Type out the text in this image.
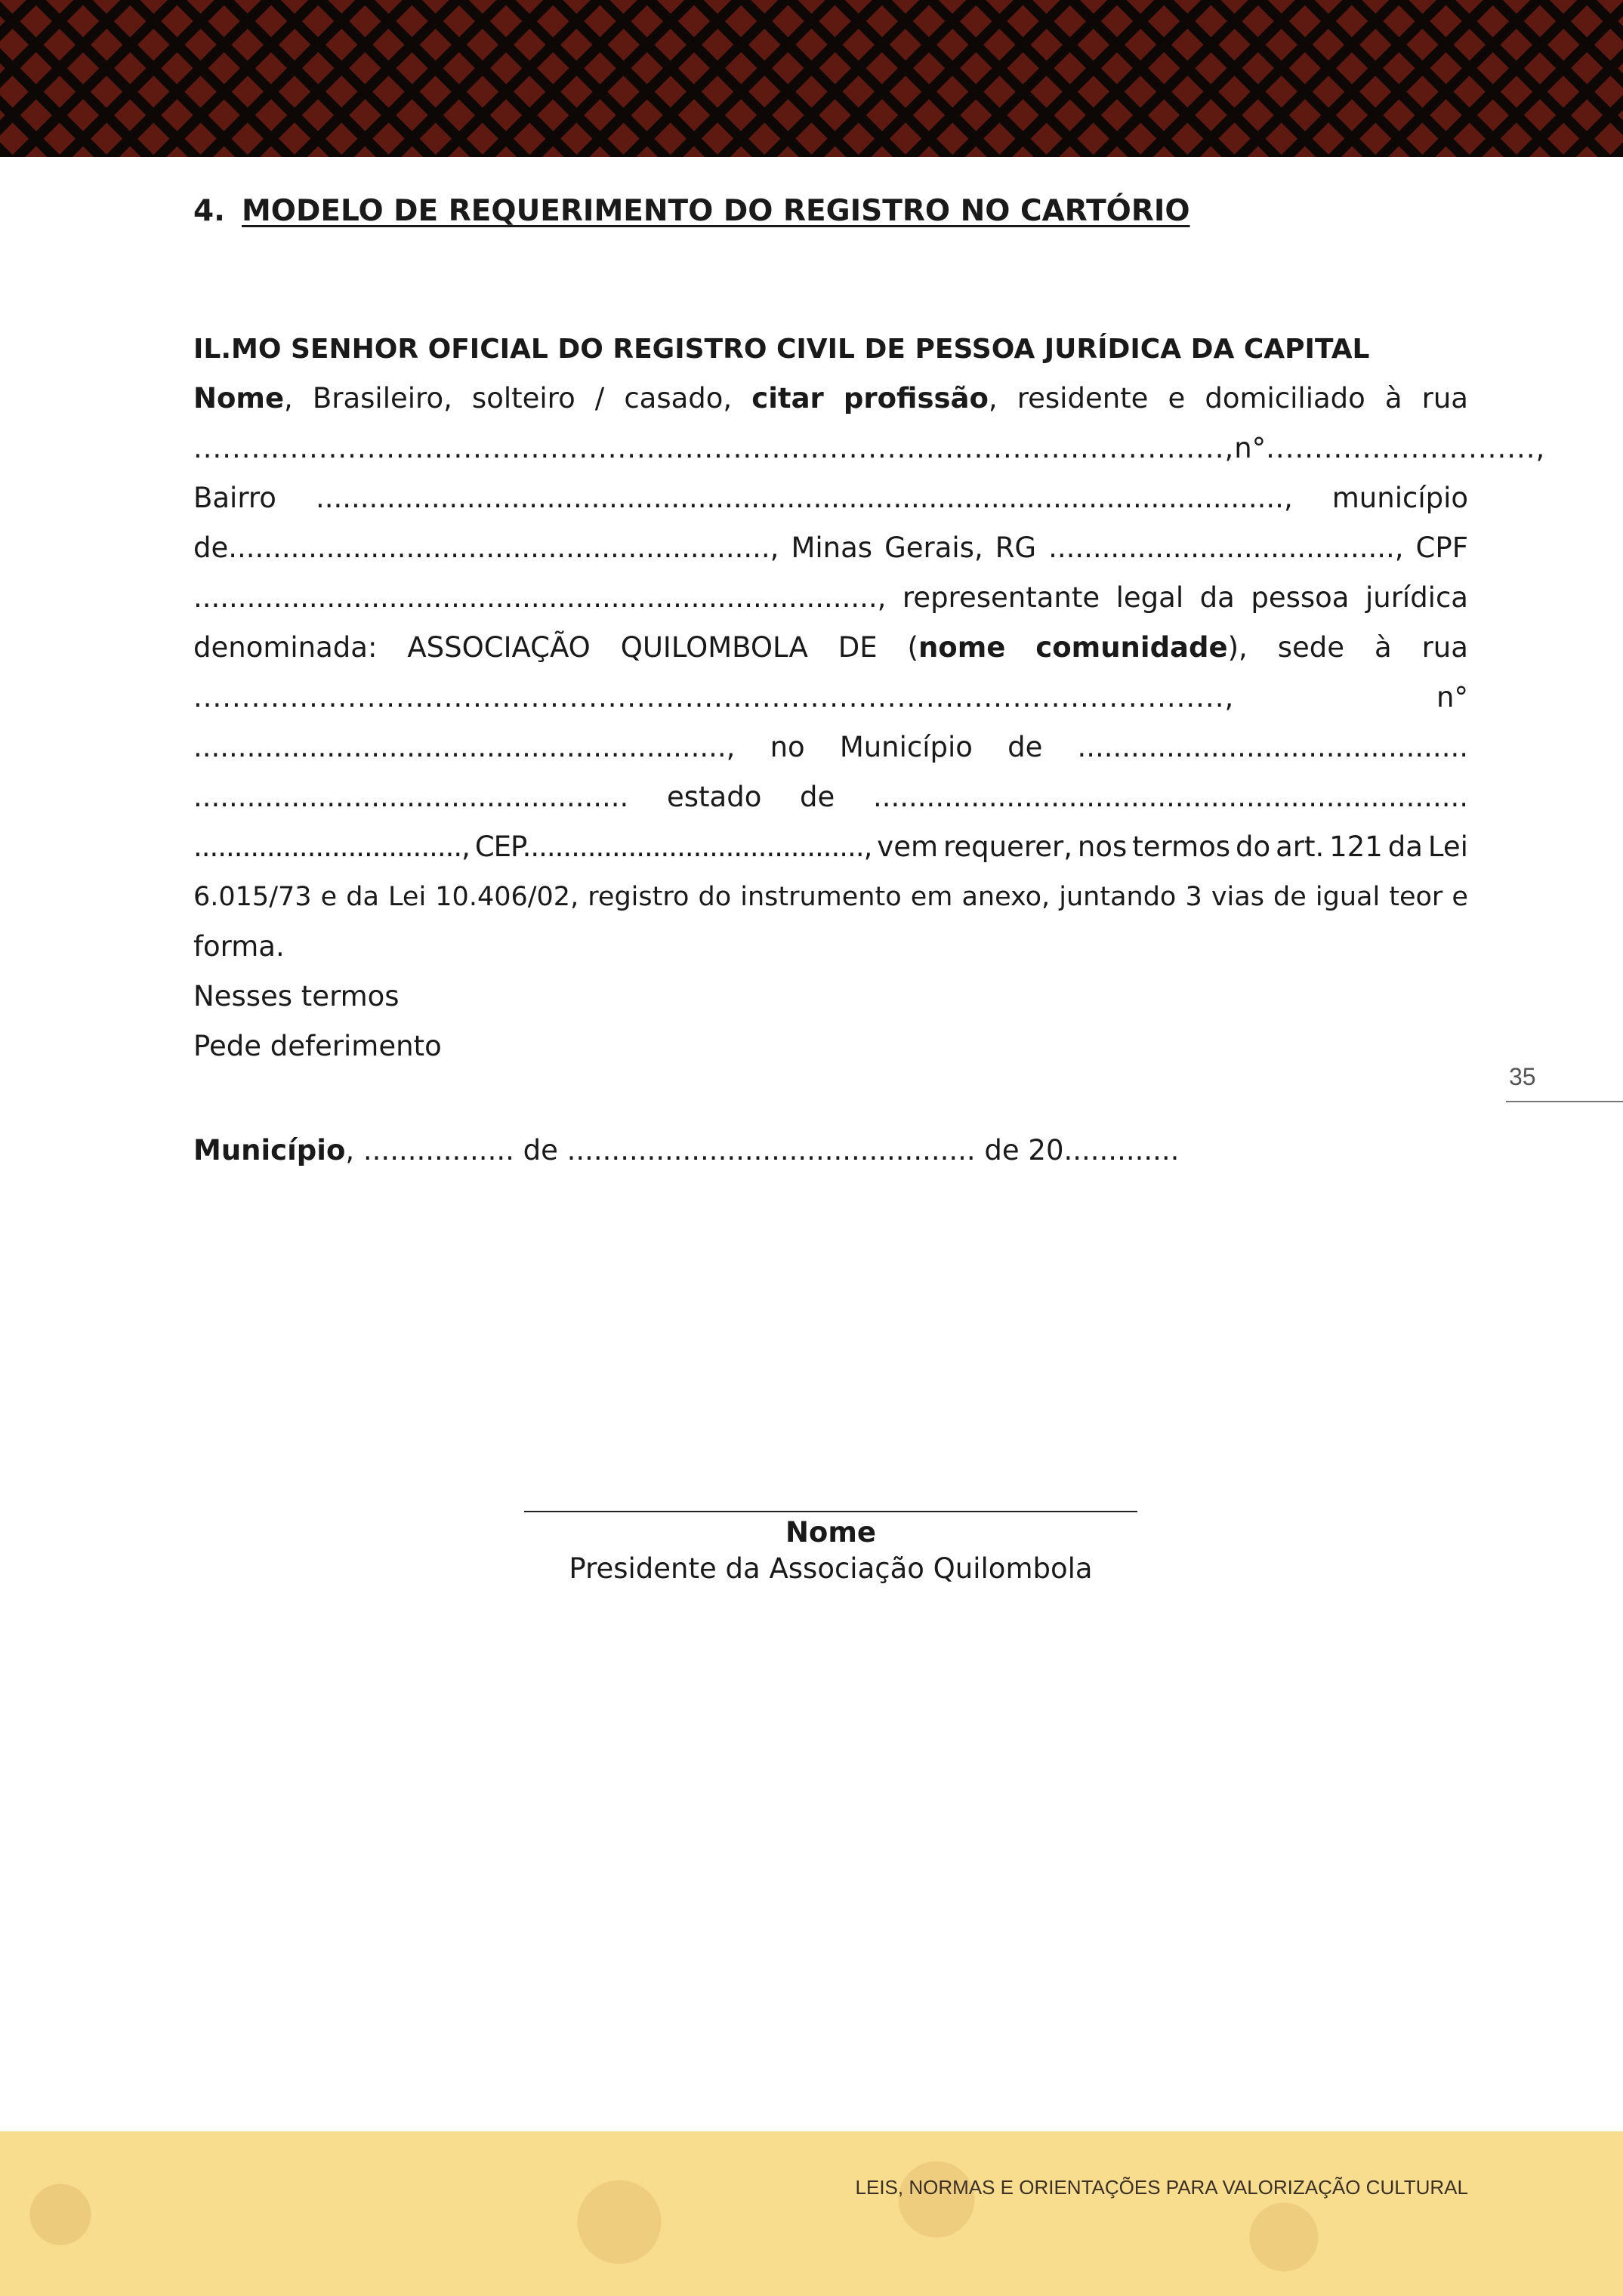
4. MODELO DE REQUERIMENTO DO REGISTRO NO CARTÓRIO
IL.MO SENHOR OFICIAL DO REGISTRO CIVIL DE PESSOA JURÍDICA DA CAPITAL
Nome, Brasileiro, solteiro / casado, citar profissão, residente e domiciliado à rua
..........................................................................................................., n° ............................,
Bairro ............................................................................................................., município
de............................................................., Minas Gerais, RG ......................................., CPF
............................................................................., representante legal da pessoa jurídica
denominada: ASSOCIAÇÃO QUILOMBOLA DE (nome comunidade), sede à rua
...........................................................................................................,	n°
............................................................, no Município de ............................................
................................................. estado de ...................................................................
................................., CEP.........................................., vem requerer, nos termos do art. 121 da Lei
6.015/73 e da Lei 10.406/02, registro do instrumento em anexo, juntando 3 vias de igual teor e
forma.
Nesses termos
Pede deferimento
Município, ................. de .............................................. de 20.............
Nome
Presidente da Associação Quilombola
35
LEIS, NORMAS E ORIENTAÇÕES PARA VALORIZAÇÃO CULTURAL
